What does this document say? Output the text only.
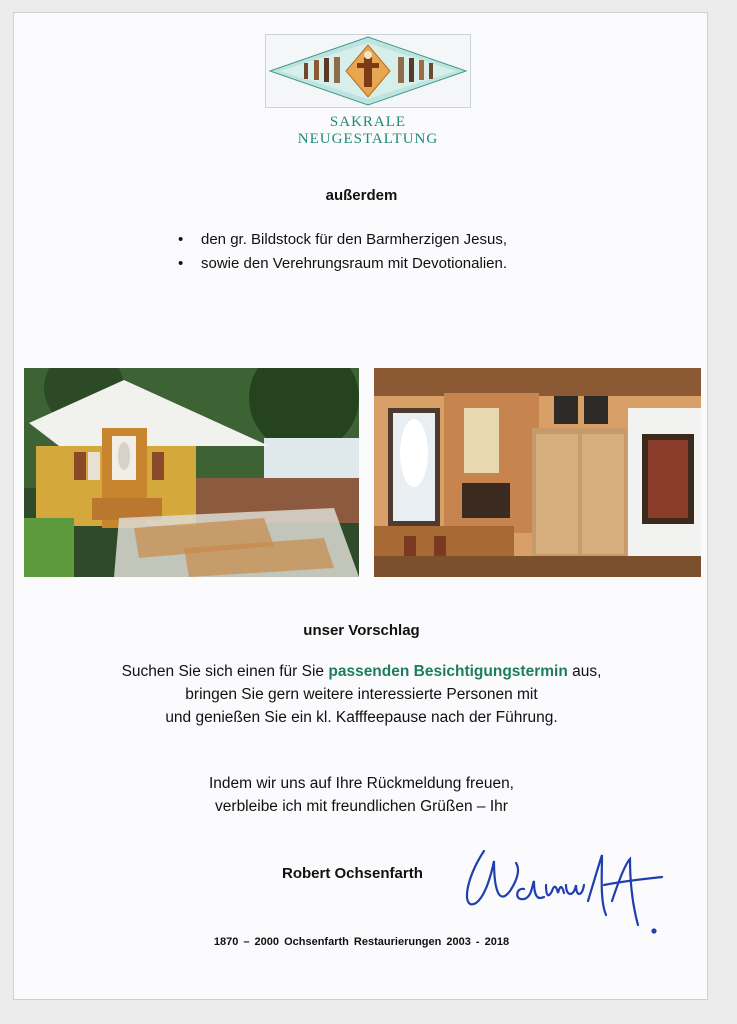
SAKRALE NEUGESTALTUNG
außerdem
• den gr. Bildstock für den Barmherzigen Jesus,
• sowie den Verehrungsraum mit Devotionalien.
unser Vorschlag
Suchen Sie sich einen für Sie passenden Besichtigungstermin aus,
bringen Sie gern weitere interessierte Personen mit
und genießen Sie ein kl. Kafffeepause nach der Führung.
Indem wir uns auf Ihre Rückmeldung freuen,
verbleibe ich mit freundlichen Grüßen – Ihr
Robert Ochsenfarth
1870 – 2000 Ochsenfarth Restaurierungen 2003 - 2018
